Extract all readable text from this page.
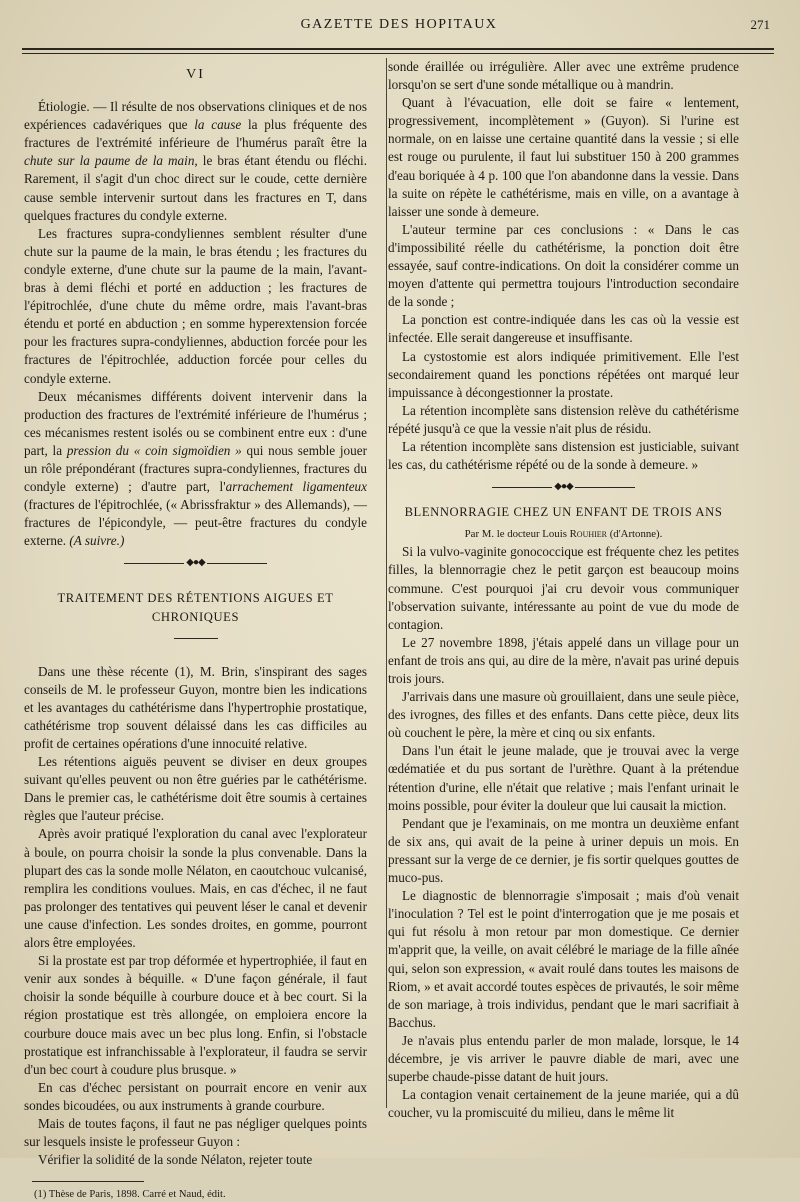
GAZETTE DES HOPITAUX	271
VI

Étiologie. — Il résulte de nos observations cliniques et de nos expériences cadavériques que la cause la plus fréquente des fractures de l'extrémité inférieure de l'humérus paraît être la chute sur la paume de la main, le bras étant étendu ou fléchi. Rarement, il s'agit d'un choc direct sur le coude, cette dernière cause semble intervenir surtout dans les fractures en T, dans quelques fractures du condyle externe.

Les fractures supra-condyliennes semblent résulter d'une chute sur la paume de la main, le bras étendu ; les fractures du condyle externe, d'une chute sur la paume de la main, l'avant-bras à demi fléchi et porté en adduction ; les fractures de l'épitrochlée, d'une chute du même ordre, mais l'avant-bras étendu et porté en abduction ; en somme hyperextension forcée pour les fractures supra-condyliennes, abduction forcée pour les fractures de l'épitrochlée, adduction forcée pour celles du condyle externe.

Deux mécanismes différents doivent intervenir dans la production des fractures de l'extrémité inférieure de l'humérus ; ces mécanismes restent isolés ou se combinent entre eux : d'une part, la pression du « coin sigmoïdien » qui nous semble jouer un rôle prépondérant (fractures supra-condyliennes, fractures du condyle externe) ; d'autre part, l'arrachement ligamenteux (fractures de l'épitrochlée, (« Abrissfraktur » des Allemands), — fractures de l'épicondyle, — peut-être fractures du condyle externe. (A suivre.)

◆●◆

TRAITEMENT DES RÉTENTIONS AIGUES ET CHRONIQUES

Dans une thèse récente (1), M. Brin, s'inspirant des sages conseils de M. le professeur Guyon, montre bien les indications et les avantages du cathétérisme dans l'hypertrophie prostatique, cathétérisme trop souvent délaissé dans les cas difficiles au profit de certaines opérations d'une innocuité relative.

Les rétentions aiguës peuvent se diviser en deux groupes suivant qu'elles peuvent ou non être guéries par le cathétérisme. Dans le premier cas, le cathétérisme doit être soumis à certaines règles que l'auteur précise.

Après avoir pratiqué l'exploration du canal avec l'explorateur à boule, on pourra choisir la sonde la plus convenable. Dans la plupart des cas la sonde molle Nélaton, en caoutchouc vulcanisé, remplira les conditions voulues. Mais, en cas d'échec, il ne faut pas prolonger des tentatives qui peuvent léser le canal et devenir une cause d'infection. Les sondes droites, en gomme, pourront alors être employées.

Si la prostate est par trop déformée et hypertrophiée, il faut en venir aux sondes à béquille. « D'une façon générale, il faut choisir la sonde béquille à courbure douce et à bec court. Si la région prostatique est très allongée, on emploiera encore la courbure douce mais avec un bec plus long. Enfin, si l'obstacle prostatique est infranchissable à l'explorateur, il faudra se servir d'un bec court à coudure plus brusque. »

En cas d'échec persistant on pourrait encore en venir aux sondes bicoudées, ou aux instruments à grande courbure.

Mais de toutes façons, il faut ne pas négliger quelques points sur lesquels insiste le professeur Guyon :

Vérifier la solidité de la sonde Nélaton, rejeter toute

(1) Thèse de Paris, 1898. Carré et Naud, édit.

sonde éraillée ou irrégulière. Aller avec une extrême prudence lorsqu'on se sert d'une sonde métallique ou à mandrin.

Quant à l'évacuation, elle doit se faire « lentement, progressivement, incomplètement » (Guyon). Si l'urine est normale, on en laisse une certaine quantité dans la vessie ; si elle est rouge ou purulente, il faut lui substituer 150 à 200 grammes d'eau boriquée à 4 p. 100 que l'on abandonne dans la vessie. Dans la suite on répète le cathétérisme, mais en ville, on a avantage à laisser une sonde à demeure.

L'auteur termine par ces conclusions : « Dans le cas d'impossibilité réelle du cathétérisme, la ponction doit être essayée, sauf contre-indications. On doit la considérer comme un moyen d'attente qui permettra toujours l'introduction secondaire de la sonde ;

La ponction est contre-indiquée dans les cas où la vessie est infectée. Elle serait dangereuse et insuffisante.

La cystostomie est alors indiquée primitivement. Elle l'est secondairement quand les ponctions répétées ont marqué leur impuissance à décongestionner la prostate.

La rétention incomplète sans distension relève du cathétérisme répété jusqu'à ce que la vessie n'ait plus de résidu.

La rétention incomplète sans distension est justiciable, suivant les cas, du cathétérisme répété ou de la sonde à demeure. »

◆●◆

BLENNORRAGIE CHEZ UN ENFANT DE TROIS ANS

Par M. le docteur Louis Rouhier (d'Artonne).

Si la vulvo-vaginite gonococcique est fréquente chez les petites filles, la blennorragie chez le petit garçon est beaucoup moins commune. C'est pourquoi j'ai cru devoir vous communiquer l'observation suivante, intéressante au point de vue du mode de contagion.

Le 27 novembre 1898, j'étais appelé dans un village pour un enfant de trois ans qui, au dire de la mère, n'avait pas uriné depuis trois jours.

J'arrivais dans une masure où grouillaient, dans une seule pièce, des ivrognes, des filles et des enfants. Dans cette pièce, deux lits où couchent le père, la mère et cinq ou six enfants.

Dans l'un était le jeune malade, que je trouvai avec la verge œdématiée et du pus sortant de l'urèthre. Quant à la prétendue rétention d'urine, elle n'était que relative ; mais l'enfant urinait le moins possible, pour éviter la douleur que lui causait la miction.

Pendant que je l'examinais, on me montra un deuxième enfant de six ans, qui avait de la peine à uriner depuis un mois. En pressant sur la verge de ce dernier, je fis sortir quelques gouttes de muco-pus.

Le diagnostic de blennorragie s'imposait ; mais d'où venait l'inoculation ? Tel est le point d'interrogation que je me posais et qui fut résolu à mon retour par mon domestique. Ce dernier m'apprit que, la veille, on avait célébré le mariage de la fille aînée qui, selon son expression, « avait roulé dans toutes les maisons de Riom, » et avait accordé toutes espèces de privautés, le soir même de son mariage, à trois individus, pendant que le mari sacrifiait à Bacchus.

Je n'avais plus entendu parler de mon malade, lorsque, le 14 décembre, je vis arriver le pauvre diable de mari, avec une superbe chaude-pisse datant de huit jours.

La contagion venait certainement de la jeune mariée, qui a dû coucher, vu la promiscuité du milieu, dans le même lit
